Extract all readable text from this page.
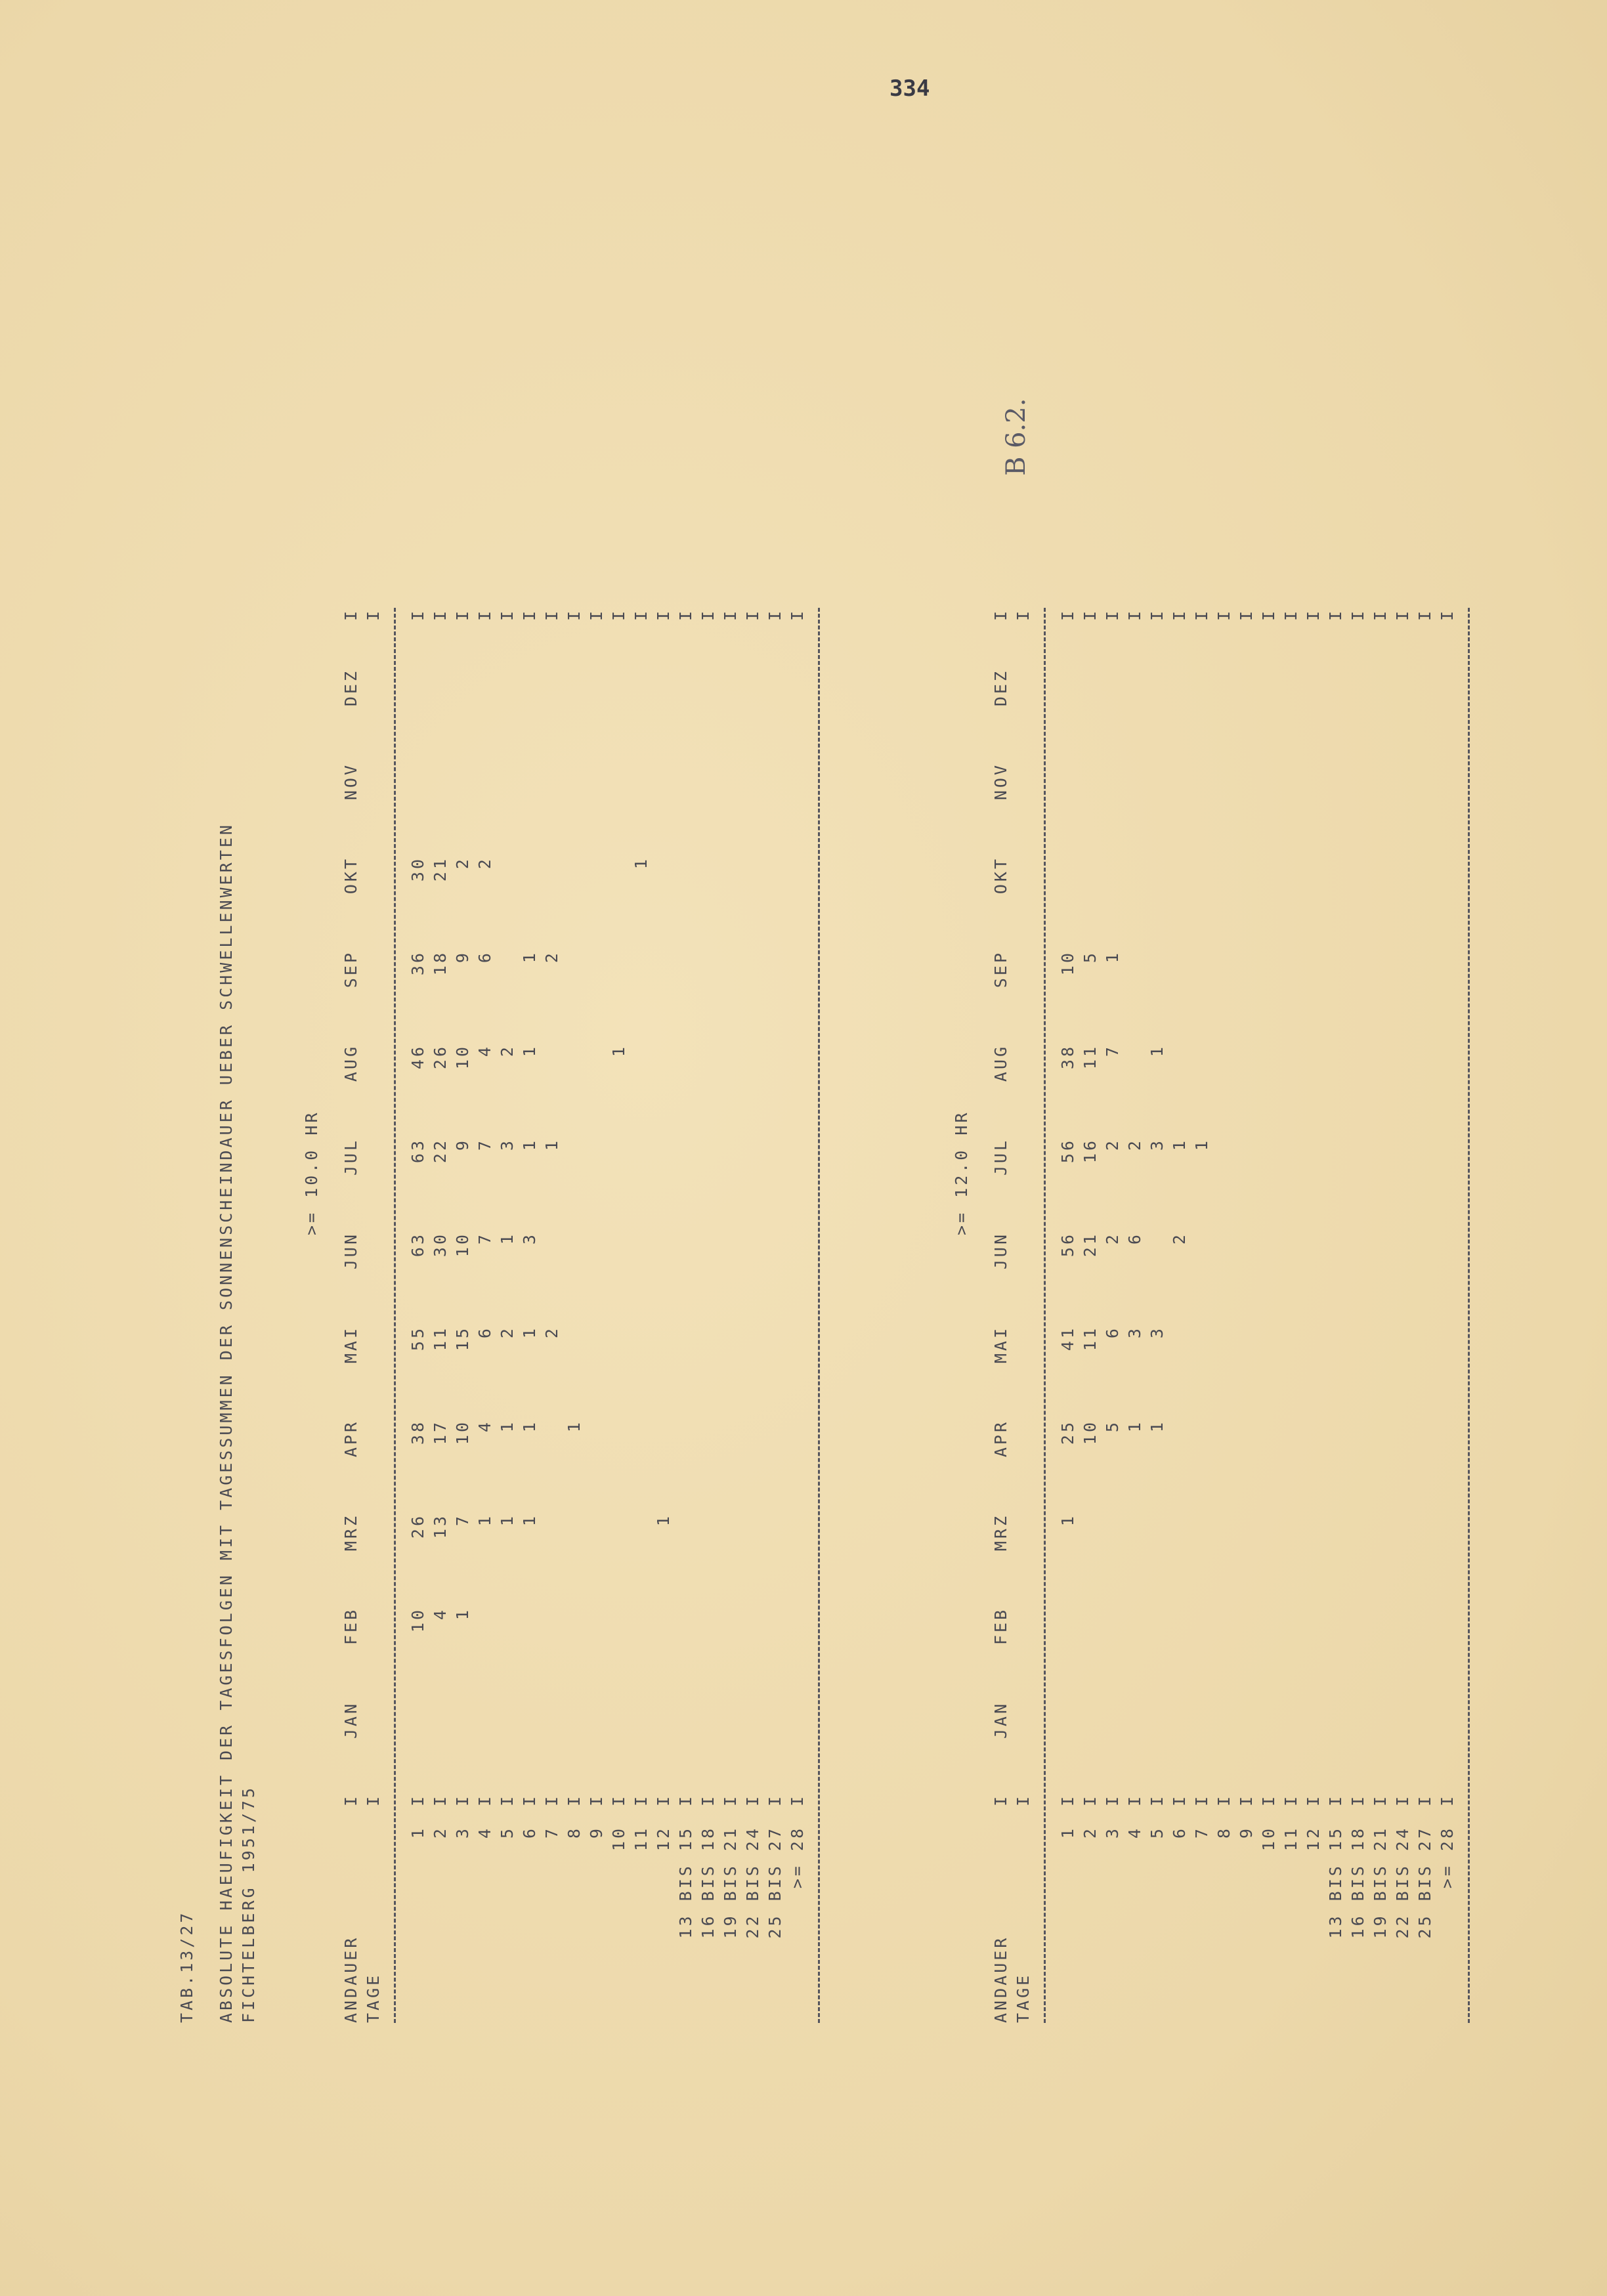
334
B 6.2.

TAB.13/27

ABSOLUTE HAEUFIGKEIT DER TAGESFOLGEN MIT TAGESSUMMEN DER SONNENSCHEINDAUER UEBER SCHWELLENWERTEN

FICHTELBERG 1951/75

>= 10.0 HR

ANDAUER
I
JAN
FEB
MRZ
APR
MAI
JUN
JUL
AUG
SEP
OKT
NOV
DEZ
I
TAGE
I
I
1
I
10
26
38
55
63
63
46
36
30
I
2
I
4
13
17
11
30
22
26
18
21
I
3
I
1
7
10
15
10
9
10
9
2
I
4
I
1
4
6
7
7
4
6
2
I
5
I
1
1
2
1
3
2
I
6
I
1
1
1
3
1
1
1
I
7
I
2
1
2
I
8
I
1
I
9
I
I
10
I
1
I
11
I
1
I
12
I
1
I
13 BIS 15
I
I
16 BIS 18
I
I
19 BIS 21
I
I
22 BIS 24
I
I
25 BIS 27
I
I
>= 28
I
I

>= 12.0 HR

ANDAUER
I
JAN
FEB
MRZ
APR
MAI
JUN
JUL
AUG
SEP
OKT
NOV
DEZ
I
TAGE
I
I
1
I
1
25
41
56
56
38
10
I
2
I
10
11
21
16
11
5
I
3
I
5
6
2
2
7
1
I
4
I
1
3
6
2
I
5
I
1
3
3
1
I
6
I
2
1
I
7
I
1
I
8
I
I
9
I
I
10
I
I
11
I
I
12
I
I
13 BIS 15
I
I
16 BIS 18
I
I
19 BIS 21
I
I
22 BIS 24
I
I
25 BIS 27
I
I
>= 28
I
I
